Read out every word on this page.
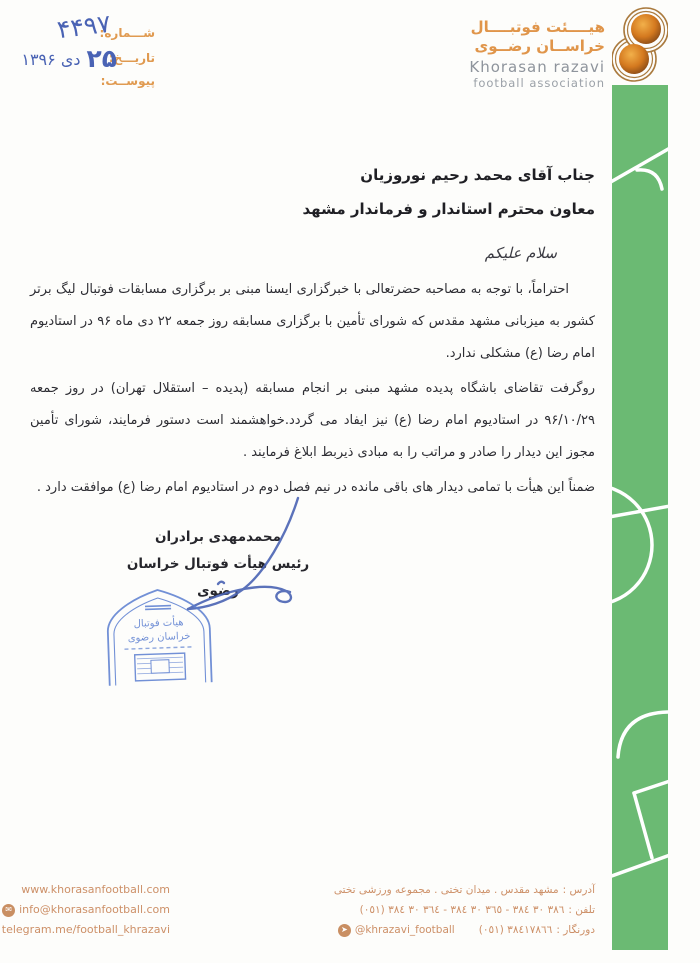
شـــماره:
تاریـــخ:
پیوســت:
۴۴۹۷
۲۵
دی ۱۳۹۶
هیــــئت فوتبــــال
خراســان رضــوی
Khorasan razavi
football association
جناب آقای محمد رحیم نوروزیان
معاون محترم استاندار و فرماندار مشهد
سلام علیکم

احتراماً، با توجه به مصاحبه حضرتعالی با خبرگزاری ایسنا مبنی بر برگزاری مسابقات فوتبال لیگ برتر کشور به میزبانی مشهد مقدس که شورای تأمین با برگزاری مسابقه روز جمعه ۲۲ دی ماه ۹۶ در استادیوم امام رضا (ع) مشکلی ندارد.

روگرفت تقاضای باشگاه پدیده مشهد مبنی بر انجام مسابقه (پدیده – استقلال تهران) در روز جمعه ۹۶/۱۰/۲۹ در استادیوم امام رضا (ع) نیز ایفاد می گردد.خواهشمند است دستور فرمایند، شورای تأمین مجوز این دیدار را صادر و مراتب را به مبادی ذیربط ابلاغ فرمایند .

ضمناً این هیأت با تمامی دیدار های باقی مانده در نیم فصل دوم در استادیوم امام رضا (ع) موافقت دارد .

محمدمهدی برادران
رئیس هیأت فوتبال خراسان رضوی
هیأت فوتبال
خراسان رضوی
www.khorasanfootball.com
✉ info@khorasanfootball.com
telegram.me/football_khrazavi
آدرس :
مشهد مقدس . میدان تختی . مجموعه ورزشی تختی
تلفن :
(٠٥١) ٣٨٤ ٣٠ ٣٦٤ - ٣٨٤ ٣٠ ٣٦٥ - ٣٨٤ ٣٠ ٣٨٦
دورنگار :
(٠٥١) ٣٨٤١٧٨٦٦
➤ @khrazavi_football
